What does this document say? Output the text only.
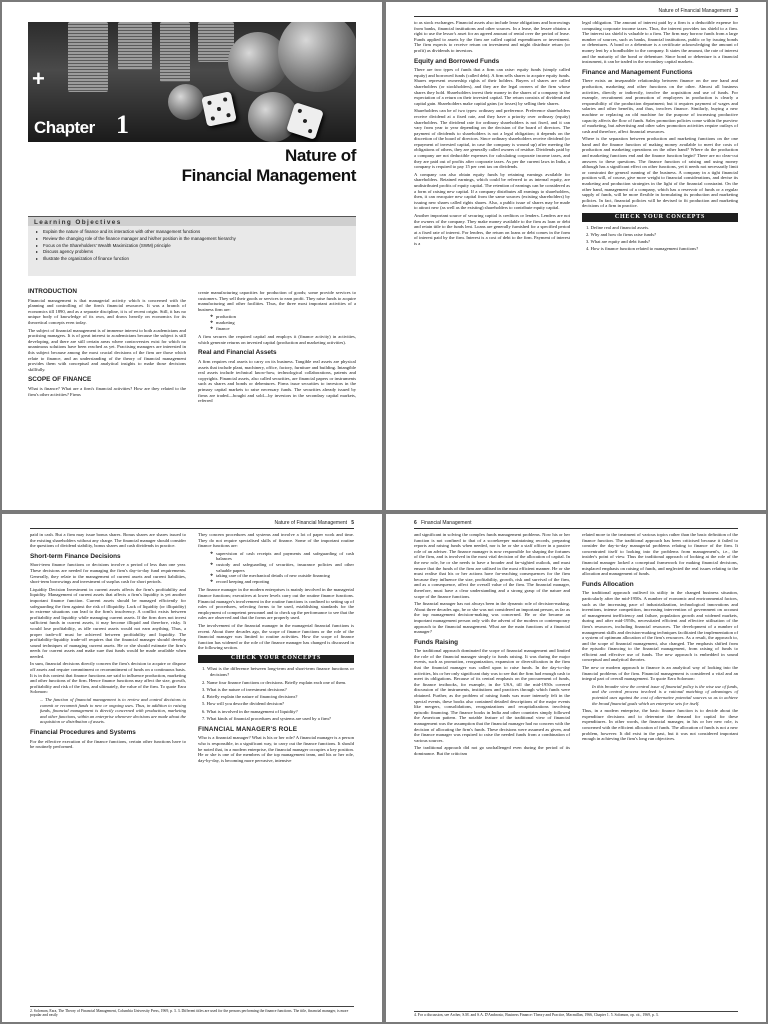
+
Chapter 1
Nature of
Financial Management
Learning Objectives
▸ Explain the nature of finance and its interaction with other management functions
▸ Review the changing role of the finance manager and his/her position in the management hierarchy
▸ Focus on the Shareholders' Wealth Maximization (SWM) principle
▸ Discuss agency problems
▸ Illustrate the organization of finance function
INTRODUCTION

Financial management is that managerial activity which is concerned with the planning and controlling of the firm's financial resources. It was a branch of economics till 1890, and as a separate discipline, it is of recent origin. Still, it has no unique body of knowledge of its own, and draws heavily on economics for its theoretical concepts even today.

The subject of financial management is of immense interest to both academicians and practising managers. It is of great interest to academicians because the subject is still developing, and there are still certain areas where controversies exist for which no unanimous solutions have been reached as yet. Practising managers are interested in this subject because among the most crucial decisions of the firm are those which relate to finance, and an understanding of the theory of financial management provides them with conceptual and analytical insights to make those decisions skillfully.

SCOPE OF FINANCE

What is finance? What are a firm's financial activities? How are they related to the firm's other activities? Firms

create manufacturing capacities for production of goods; some provide services to customers. They sell their goods or services to earn profit. They raise funds to acquire manufacturing and other facilities. Thus, the three most important activities of a business firm are:

❖ production
❖ marketing
❖ finance

A firm secures the required capital and employs it (finance activity) in activities, which generate returns on invested capital (production and marketing activities).

Real and Financial Assets

A firm requires real assets to carry on its business. Tangible real assets are physical assets that include plant, machinery, office, factory, furniture and building. Intangible real assets include technical know-how, technological collaborations, patents and copyrights. Financial assets, also called securities, are financial papers or instruments such as shares and bonds or debentures. Firms issue securities to investors in the primary capital markets to raise necessary funds. The securities already issued by firms are traded—bought and sold—by investors in the secondary capital markets, referred

Nature of Financial Management 3

to as stock exchanges. Financial assets also include lease obligations and borrowings from banks, financial institutions and other sources. In a lease, the lessee obtains a right to use the lessor's asset for an agreed amount of rental over the period of lease. Funds applied to assets by the firm are called capital expenditures or investment. The firm expects to receive return on investment and might distribute return (or profit) as dividends to investors.

Equity and Borrowed Funds

There are two types of funds that a firm can raise: equity funds (simply called equity) and borrowed funds (called debt). A firm sells shares to acquire equity funds. Shares represent ownership rights of their holders. Buyers of shares are called shareholders (or stockholders), and they are the legal owners of the firm whose shares they hold. Shareholders invest their money in the shares of a company in the expectation of a return on their invested capital. The return consists of dividend and capital gain. Shareholders make capital gains (or losses) by selling their shares.

Shareholders can be of two types: ordinary and preference. Preference shareholders receive dividend at a fixed rate, and they have a priority over ordinary (equity) shareholders. The dividend rate for ordinary shareholders is not fixed, and it can vary from year to year depending on the decision of the board of directors. The payment of dividends to shareholders is not a legal obligation; it depends on the discretion of the board of directors. Since ordinary shareholders receive dividend (or repayment of invested capital, in case the company is wound up) after meeting the obligations of others, they are generally called owners of residue. Dividends paid by a company are not deductible expenses for calculating corporate income taxes, and they are paid out of profits after corporate taxes. As per the current laws in India, a company is required to pay 15 per cent tax on dividends.

A company can also obtain equity funds by retaining earnings available for shareholders. Retained earnings, which could be referred to as internal equity, are undistributed profits of equity capital. The retention of earnings can be considered as a form of raising new capital. If a company distributes all earnings to shareholders, then, it can reacquire new capital from the same sources (existing shareholders) by issuing new shares called rights shares. Also, a public issue of shares may be made to attract new (as well as the existing) shareholders to contribute equity capital.

Another important source of securing capital is creditors or lenders. Lenders are not the owners of the company. They make money available to the firm as loan or debt and retain title to the funds lent. Loans are generally furnished for a specified period at a fixed rate of interest. For lenders, the return on loans or debt comes in the form of interest paid by the firm. Interest is a cost of debt to the firm. Payment of interest is a

legal obligation. The amount of interest paid by a firm is a deductible expense for computing corporate income taxes. Thus, the interest provides tax shield to a firm. The interest tax shield is valuable to a firm. The firm may borrow funds from a large number of sources, such as banks, financial institutions, public or by issuing bonds or debentures. A bond or a debenture is a certificate acknowledging the amount of money lent by a bondholder to the company. It states the amount, the rate of interest and the maturity of the bond or debenture. Since bond or debenture is a financial instrument, it can be traded in the secondary capital markets.

Finance and Management Functions

There exists an inseparable relationship between finance on the one hand and production, marketing and other functions on the other. Almost all business activities, directly or indirectly, involve the acquisition and use of funds. For example, recruitment and promotion of employees in production is clearly a responsibility of the production department; but it requires payment of wages and salaries and other benefits, and thus, involves finance. Similarly, buying a new machine or replacing an old machine for the purpose of increasing productive capacity affects the flow of funds. Sales promotion policies come within the purview of marketing, but advertising and other sales promotion activities require outlays of cash and therefore, affect financial resources.

Where is the separation between production and marketing functions on the one hand and the finance function of making money available to meet the costs of production and marketing operations on the other hand? Where do the production and marketing functions end and the finance function begin? There are no clear-cut answers to these questions. The finance function of raising and using money although has a significant effect on other functions, yet it needs not necessarily limit or constraint the general running of the business. A company in a tight financial position will, of course, give more weight to financial considerations, and devise its marketing and production strategies in the light of the financial constraint. On the other hand, management of a company, which has a reservoir of funds or a regular supply of funds, will be more flexible in formulating its production and marketing policies. In fact, financial policies will be devised to fit production and marketing decisions of a firm in practice.

CHECK YOUR CONCEPTS
1. Define real and financial assets.
2. Why and how do firms raise funds?
3. What are equity and debt funds?
4. How is finance function related to management functions?
Nature of Financial Management 5

paid in cash. But a firm may issue bonus shares. Bonus shares are shares issued to the existing shareholders without any charge. The financial manager should consider the questions of dividend stability, bonus shares and cash dividends in practice.

Short-term Finance Decisions

Short-term finance functions or decisions involve a period of less than one year. These decisions are needed for managing the firm's day-to-day fund requirements. Generally, they relate to the management of current assets and current liabilities, short-term borrowings and investment of surplus cash for short periods.

Liquidity Decision Investment in current assets affects the firm's profitability and liquidity. Management of current assets that affects a firm's liquidity is yet another important finance function. Current assets should be managed efficiently for safeguarding the firm against the risk of illiquidity. Lack of liquidity (or illiquidity) in extreme situations can lead to the firm's insolvency. A conflict exists between profitability and liquidity while managing current assets. If the firm does not invest sufficient funds in current assets, it may become illiquid and therefore, risky. It would lose profitability, as idle current assets would not earn anything. Thus, a proper trade-off must be achieved between profitability and liquidity. The profitability-liquidity trade-off requires that the financial manager should develop sound techniques of managing current assets. He or she should estimate the firm's needs for current assets and make sure that funds would be made available when needed.

In sum, financial decisions directly concern the firm's decision to acquire or dispose off assets and require commitment or recommitment of funds on a continuous basis. It is in this context that finance functions are said to influence production, marketing and other functions of the firm. Hence finance functions may affect the size, growth, profitability and risk of the firm, and ultimately, the value of the firm. To quote Ezra Solomon:

... The function of financial management is to review and control decisions to commit or recommit funds to new or ongoing uses. Thus, in addition to raising funds, financial management is directly concerned with production, marketing and other functions, within an enterprise whenever decisions are made about the acquisition or distribution of assets.

Financial Procedures and Systems

For the effective execution of the finance functions, certain other functions have to be routinely performed.

They concern procedures and systems and involve a lot of paper work and time. They do not require specialised skills of finance. Some of the important routine finance functions are:

❖ supervision of cash receipts and payments and safeguarding of cash balances
❖ custody and safeguarding of securities, insurance policies and other valuable papers
❖ taking care of the mechanical details of new outside financing
❖ record keeping and reporting

The finance manager in the modern enterprises is mainly involved in the managerial finance functions; executives at lower levels carry out the routine finance functions. Financial manager's involvement in the routine functions is confined to setting up of rules of procedures, selecting forms to be used, establishing standards for the employment of competent personnel and to check up the performance to see that the rules are observed and that the forms are properly used.

The involvement of the financial manager in the managerial financial functions is recent. About three decades ago, the scope of finance functions or the role of the financial manager was limited to routine activities. How the scope of finance function has widened or the role of the finance manager has changed is discussed in the following section.

CHECK YOUR CONCEPTS
1. What is the difference between long-term and short-term finance functions or decisions?
2. Name four finance functions or decisions. Briefly explain each one of them.
3. What is the nature of investment decisions?
4. Briefly explain the nature of financing decisions?
5. How will you describe dividend decision?
6. What is involved in the management of liquidity?
7. What kinds of financial procedures and systems are used by a firm?
FINANCIAL MANAGER'S ROLE

Who is a financial manager? What is his or her role? A financial manager is a person who is responsible, in a significant way, to carry out the finance functions. It should be noted that, in a modern enterprise, the financial manager occupies a key position. He or she is one of the members of the top management team, and his or her role, day-by-day, is becoming more pervasive, intensive

2. Solomon, Ezra, The Theory of Financial Management, Columbia University Press, 1969, p. 3. 3. Different titles are used for the persons performing the finance functions. The title, financial manager, is more popular and easily
6 Financial Management

and significant in solving the complex funds management problems. Now his or her function is not confined to that of a scorekeeper maintaining records, preparing reports and raising funds when needed, nor is he or she a staff officer in a passive role of an adviser. The finance manager is now responsible for shaping the fortunes of the firm, and is involved in the most vital decision of the allocation of capital. In the new role, he or she needs to have a broader and far-sighted outlook, and must ensure that the funds of the firm are utilised in the most efficient manner. He or she must realise that his or her actions have far-reaching consequences for the firm because they influence the size, profitability, growth, risk and survival of the firm, and as a consequence, affect the overall value of the firm. The financial manager, therefore, must have a clear understanding and a strong grasp of the nature and scope of the finance functions.

The financial manager has not always been in the dynamic role of decision-making. About three decades ago, he or she was not considered an important person, as far as the top management decision-making was concerned. He or she became an important management person only with the advent of the modern or contemporary approach to the financial management. What are the main functions of a financial manager?

Funds Raising

The traditional approach dominated the scope of financial management and limited the role of the financial manager simply to funds raising. It was during the major events, such as promotion, reorganization, expansion or diversification in the firm that the financial manager was called upon to raise funds. In the day-to-day activities, his or her only significant duty was to see that the firm had enough cash to meet its obligations. Because of its central emphasis on the procurement of funds, the finance textbooks, for example, in the USA, till the mid-1950s covered discussion of the instruments, institutions and practices through which funds were obtained. Further, as the problem of raising funds was more intensely felt in the special events, these books also contained detailed descriptions of the major events like mergers, consolidations, reorganizations and recapitalizations involving episodic financing. The finance books in India and other countries simply followed the American pattern. The notable feature of the traditional view of financial management was the assumption that the financial manager had no concern with the decision of allocating the firm's funds. These decisions were assumed as given, and the finance manager was required to raise the needed funds from a combination of various sources.

The traditional approach did not go unchallenged even during the period of its dominance. But the criticism

related more to the treatment of various topics rather than the basic definition of the finance function. The traditional approach has been criticised because it failed to consider the day-to-day managerial problems relating to finance of the firm. It concentrated itself to looking into the problems from management's, i.e., the insider's point of view. Thus the traditional approach of looking at the role of the financial manager lacked a conceptual framework for making financial decisions, misplaced emphasis on raising of funds, and neglected the real issues relating to the allocation and management of funds.

Funds Allocation

The traditional approach outlived its utility in the changed business situation, particularly after the mid-1950s. A number of economic and environmental factors, such as the increasing pace of industrialization, technological innovations and inventions, intense competition, increasing intervention of government on account of management inefficiency and failure, population growth and widened markets, during and after mid-1950s, necessitated efficient and effective utilisation of the firm's resources, including financial resources. The development of a number of management skills and decision-making techniques facilitated the implementation of a system of optimum allocation of the firm's resources. As a result, the approach to, and the scope of financial management, also changed. The emphasis shifted from the episodic financing to the financial management, from raising of funds to efficient and effective use of funds. The new approach is embedded in sound conceptual and analytical theories.

The new or modern approach to finance is an analytical way of looking into the financial problems of the firm. Financial management is considered a vital and an integral part of overall management. To quote Ezra Solomon:

In this broader view the central issue of financial policy is the wise use of funds, and the central process involved is a rational matching of advantages of potential uses against the cost of alternative potential sources so as to achieve the broad financial goals which an enterprise sets for itself.

Thus, in a modern enterprise, the basic finance function is to decide about the expenditure decisions and to determine the demand for capital for these expenditures. In other words, the financial manager, in his or her new role, is concerned with the efficient allocation of funds. The allocation of funds is not a new problem, however. It did exist in the past, but it was not considered important enough in achieving the firm's long run objectives.

4. For a discussion, see Archer, S.M. and S.A. D'Ambrosio, Business Finance: Theory and Practice, Macmillan, 1966, Chapter 1. 5. Solomon, op. cit., 1969, p. 3.
